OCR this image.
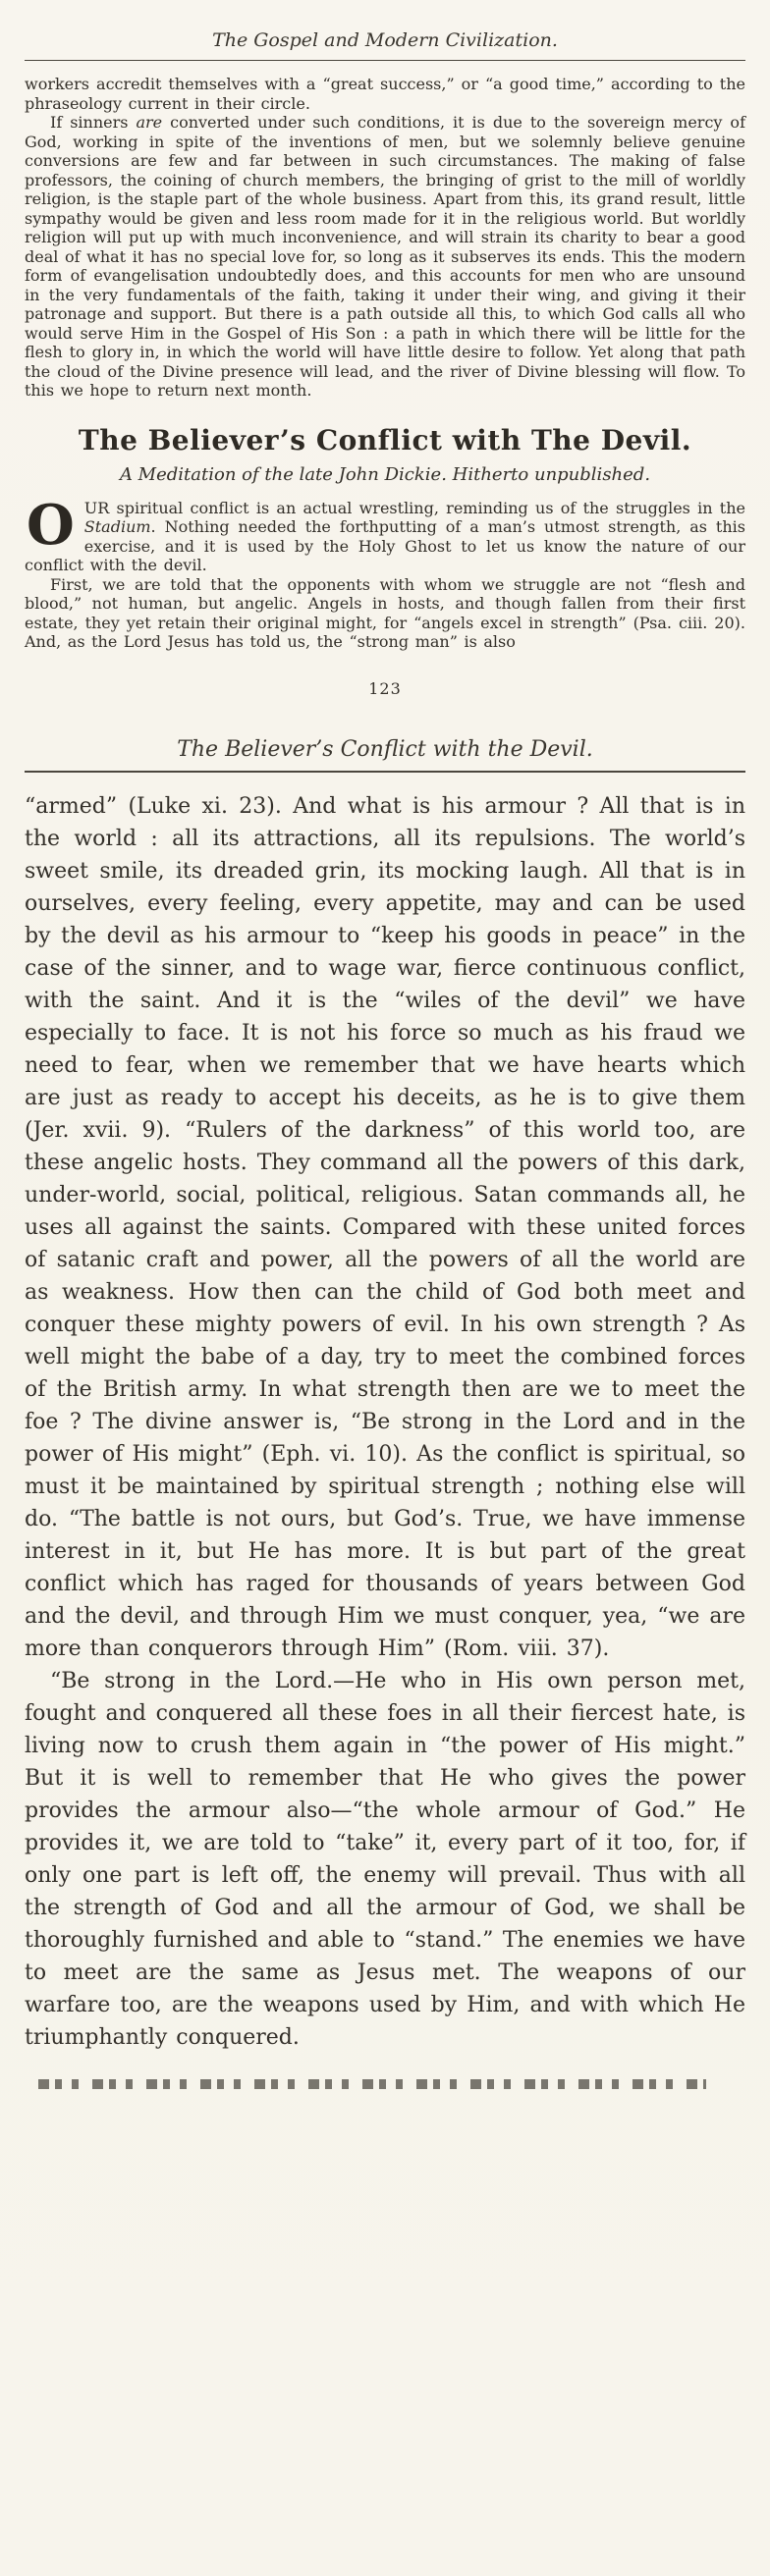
The Gospel and Modern Civilization.

workers accredit themselves with a “great success,” or “a good time,” according to the phraseology current in their circle.

If sinners are converted under such conditions, it is due to the sovereign mercy of God, working in spite of the inventions of men, but we solemnly believe genuine conversions are few and far between in such circumstances. The making of false professors, the coining of church members, the bringing of grist to the mill of worldly religion, is the staple part of the whole business. Apart from this, its grand result, little sympathy would be given and less room made for it in the religious world. But worldly religion will put up with much inconvenience, and will strain its charity to bear a good deal of what it has no special love for, so long as it subserves its ends. This the modern form of evangelisation undoubtedly does, and this accounts for men who are unsound in the very fundamentals of the faith, taking it under their wing, and giving it their patronage and support. But there is a path outside all this, to which God calls all who would serve Him in the Gospel of His Son : a path in which there will be little for the flesh to glory in, in which the world will have little desire to follow. Yet along that path the cloud of the Divine presence will lead, and the river of Divine blessing will flow. To this we hope to return next month.

The Believer’s Conflict with The Devil.
A Meditation of the late John Dickie. Hitherto unpublished.
O UR spiritual conflict is an actual wrestling, reminding us of the struggles in the Stadium. Nothing needed the forthputting of a man’s utmost strength, as this exercise, and it is used by the Holy Ghost to let us know the nature of our conflict with the devil.

First, we are told that the opponents with whom we struggle are not “flesh and blood,” not human, but angelic. Angels in hosts, and though fallen from their first estate, they yet retain their original might, for “angels excel in strength” (Psa. ciii. 20). And, as the Lord Jesus has told us, the “strong man” is also

123
The Believer’s Conflict with the Devil.

“armed” (Luke xi. 23). And what is his armour ? All that is in the world : all its attractions, all its repulsions. The world’s sweet smile, its dreaded grin, its mocking laugh. All that is in ourselves, every feeling, every appetite, may and can be used by the devil as his armour to “keep his goods in peace” in the case of the sinner, and to wage war, fierce continuous conflict, with the saint. And it is the “wiles of the devil” we have especially to face. It is not his force so much as his fraud we need to fear, when we remember that we have hearts which are just as ready to accept his deceits, as he is to give them (Jer. xvii. 9). “Rulers of the darkness” of this world too, are these angelic hosts. They command all the powers of this dark, under-world, social, political, religious. Satan commands all, he uses all against the saints. Compared with these united forces of satanic craft and power, all the powers of all the world are as weakness. How then can the child of God both meet and conquer these mighty powers of evil. In his own strength ? As well might the babe of a day, try to meet the combined forces of the British army. In what strength then are we to meet the foe ? The divine answer is, “Be strong in the Lord and in the power of His might” (Eph. vi. 10). As the conflict is spiritual, so must it be maintained by spiritual strength ; nothing else will do. “The battle is not ours, but God’s. True, we have immense interest in it, but He has more. It is but part of the great conflict which has raged for thousands of years between God and the devil, and through Him we must conquer, yea, “we are more than conquerors through Him” (Rom. viii. 37).

“Be strong in the Lord.—He who in His own person met, fought and conquered all these foes in all their fiercest hate, is living now to crush them again in “the power of His might.” But it is well to remember that He who gives the power provides the armour also—“the whole armour of God.” He provides it, we are told to “take” it, every part of it too, for, if only one part is left off, the enemy will prevail. Thus with all the strength of God and all the armour of God, we shall be thoroughly furnished and able to “stand.” The enemies we have to meet are the same as Jesus met. The weapons of our warfare too, are the weapons used by Him, and with which He triumphantly conquered.
